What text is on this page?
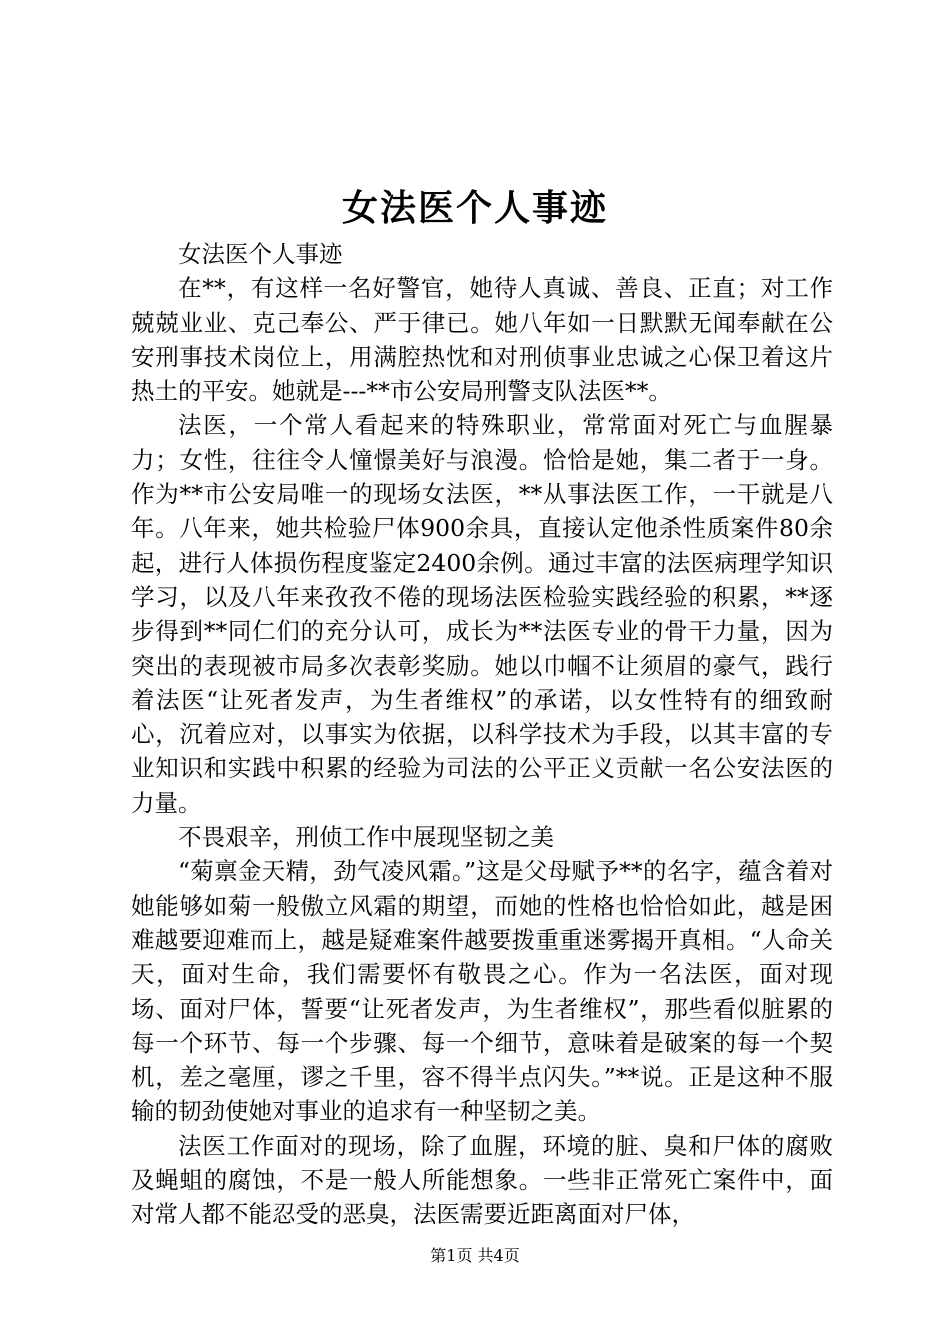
女法医个人事迹

女法医个人事迹

在**，有这样一名好警官，她待人真诚、善良、正直；对工作兢兢业业、克己奉公、严于律已。她八年如一日默默无闻奉献在公安刑事技术岗位上，用满腔热忱和对刑侦事业忠诚之心保卫着这片热土的平安。她就是---**市公安局刑警支队法医**。

法医，一个常人看起来的特殊职业，常常面对死亡与血腥暴力；女性，往往令人憧憬美好与浪漫。恰恰是她，集二者于一身。作为**市公安局唯一的现场女法医，**从事法医工作，一干就是八年。八年来，她共检验尸体900余具，直接认定他杀性质案件80余起，进行人体损伤程度鉴定2400余例。通过丰富的法医病理学知识学习，以及八年来孜孜不倦的现场法医检验实践经验的积累，**逐步得到**同仁们的充分认可，成长为**法医专业的骨干力量，因为突出的表现被市局多次表彰奖励。她以巾帼不让须眉的豪气，践行着法医“让死者发声，为生者维权”的承诺，以女性特有的细致耐心，沉着应对，以事实为依据，以科学技术为手段，以其丰富的专业知识和实践中积累的经验为司法的公平正义贡献一名公安法医的力量。

不畏艰辛，刑侦工作中展现坚韧之美

“菊禀金天精，劲气凌风霜。”这是父母赋予**的名字，蕴含着对她能够如菊一般傲立风霜的期望，而她的性格也恰恰如此，越是困难越要迎难而上，越是疑难案件越要拨重重迷雾揭开真相。“人命关天，面对生命，我们需要怀有敬畏之心。作为一名法医，面对现场、面对尸体，誓要“让死者发声，为生者维权”，那些看似脏累的每一个环节、每一个步骤、每一个细节，意味着是破案的每一个契机，差之毫厘，谬之千里，容不得半点闪失。”**说。正是这种不服输的韧劲使她对事业的追求有一种坚韧之美。

法医工作面对的现场，除了血腥，环境的脏、臭和尸体的腐败及蝇蛆的腐蚀，不是一般人所能想象。一些非正常死亡案件中，面对常人都不能忍受的恶臭，法医需要近距离面对尸体，

第1页 共4页
